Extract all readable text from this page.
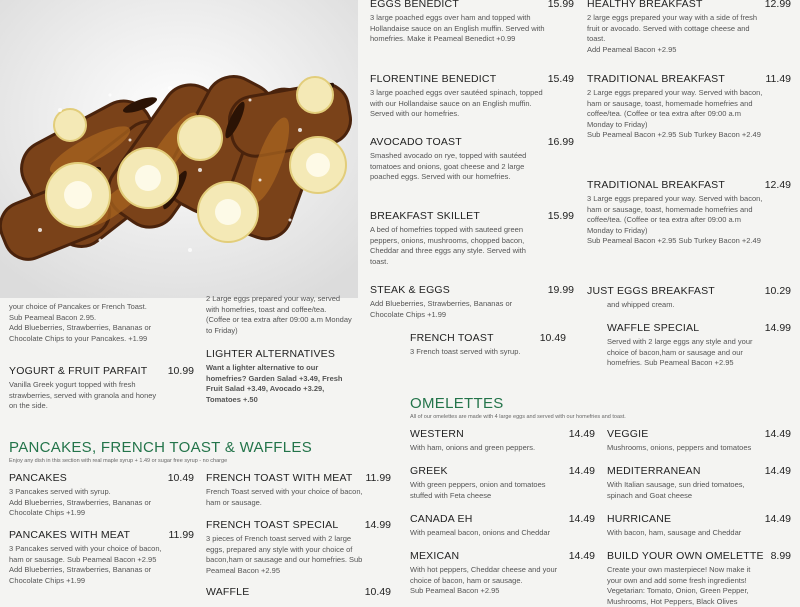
your choice of Pancakes or French Toast.
Sub Peameal Bacon 2.95.
Add Blueberries, Strawberries, Bananas or
Chocolate Chips to your Pancakes. +1.99
2 Large eggs prepared your way, served
with homefries, toast and coffee/tea.
(Coffee or tea extra after 09:00 a.m Monday
to Friday)
YOGURT & FRUIT PARFAIT 10.99
Vanilla Greek yogurt topped with fresh strawberries, served with granola and honey on the side.
LIGHTER ALTERNATIVES
Want a lighter alternative to our homefries? Garden Salad +3.49, Fresh Fruit Salad +3.49, Avocado +3.29, Tomatoes +.50
PANCAKES, FRENCH TOAST & WAFFLES
Enjoy any dish in this section with real maple syrup + 1.49 or sugar free syrup - no charge
PANCAKES	10.49
3 Pancakes served with syrup.
Add Blueberries, Strawberries, Bananas or
Chocolate Chips +1.99
PANCAKES WITH MEAT	11.99
3 Pancakes served with your choice of bacon, ham or sausage. Sub Peameal Bacon +2.95
Add Blueberries, Strawberries, Bananas or
Chocolate Chips +1.99
FRENCH TOAST WITH MEAT 11.99
French Toast served with your choice of bacon, ham or sausage.
FRENCH TOAST SPECIAL	14.99
3 pieces of French toast served with 2 large eggs, prepared any style with your choice of bacon,ham or sausage and our homefries. Sub Peameal Bacon +2.95
WAFFLE	10.49
EGGS BENEDICT	15.99
3 large poached eggs over ham and topped with Hollandaise sauce on an English muffin. Served with homefries. Make it Peameal Benedict +0.99
FLORENTINE BENEDICT	15.49
3 large poached eggs over sautéed spinach, topped with our Hollandaise sauce on an English muffin. Served with our homefries.
AVOCADO TOAST	16.99
Smashed avocado on rye, topped with sautéed tomatoes and onions, goat cheese and 2 large poached eggs. Served with our homefries.
BREAKFAST SKILLET	15.99
A bed of homefries topped with sauteed green peppers, onions, mushrooms, chopped bacon, Cheddar and three eggs any style. Served with toast.
STEAK & EGGS	19.99
Add Blueberries, Strawberries, Bananas or Chocolate Chips +1.99
FRENCH TOAST	10.49
3 French toast served with syrup.
HEALTHY BREAKFAST	12.99
2 large eggs prepared your way with a side of fresh fruit or avocado. Served with cottage cheese and toast.
Add Peameal Bacon +2.95
TRADITIONAL BREAKFAST	11.49
2 Large eggs prepared your way. Served with bacon, ham or sausage, toast, homemade homefries and coffee/tea. (Coffee or tea extra after 09:00 a.m Monday to Friday)
Sub Peameal Bacon +2.95 Sub Turkey Bacon +2.49
TRADITIONAL BREAKFAST	12.49
3 Large eggs prepared your way. Served with bacon, ham or sausage, toast, homemade homefries and coffee/tea. (Coffee or tea extra after 09:00 a.m Monday to Friday)
Sub Peameal Bacon +2.95 Sub Turkey Bacon +2.49
JUST EGGS BREAKFAST	10.29
and whipped cream.
WAFFLE SPECIAL	14.99
Served with 2 large eggs any style and your choice of bacon,ham or sausage and our homefries. Sub Peameal Bacon +2.95
OMELETTES
All of our omelettes are made with 4 large eggs and served with our homefries and toast.
WESTERN	14.49
With ham, onions and green peppers.
GREEK	14.49
With green peppers, onion and tomatoes stuffed with Feta cheese
CANADA EH	14.49
With peameal bacon, onions and Cheddar
MEXICAN	14.49
With hot peppers, Cheddar cheese and your choice of bacon, ham or sausage.
Sub Peameal Bacon +2.95
VEGGIE	14.49
Mushrooms, onions, peppers and tomatoes
MEDITERRANEAN	14.49
With Italian sausage, sun dried tomatoes, spinach and Goat cheese
HURRICANE	14.49
With bacon, ham, sausage and Cheddar
BUILD YOUR OWN OMELETTE 8.99
Create your own masterpiece! Now make it your own and add some fresh ingredients! Vegetarian: Tomato, Onion, Green Pepper, Mushrooms, Hot Peppers, Black Olives
